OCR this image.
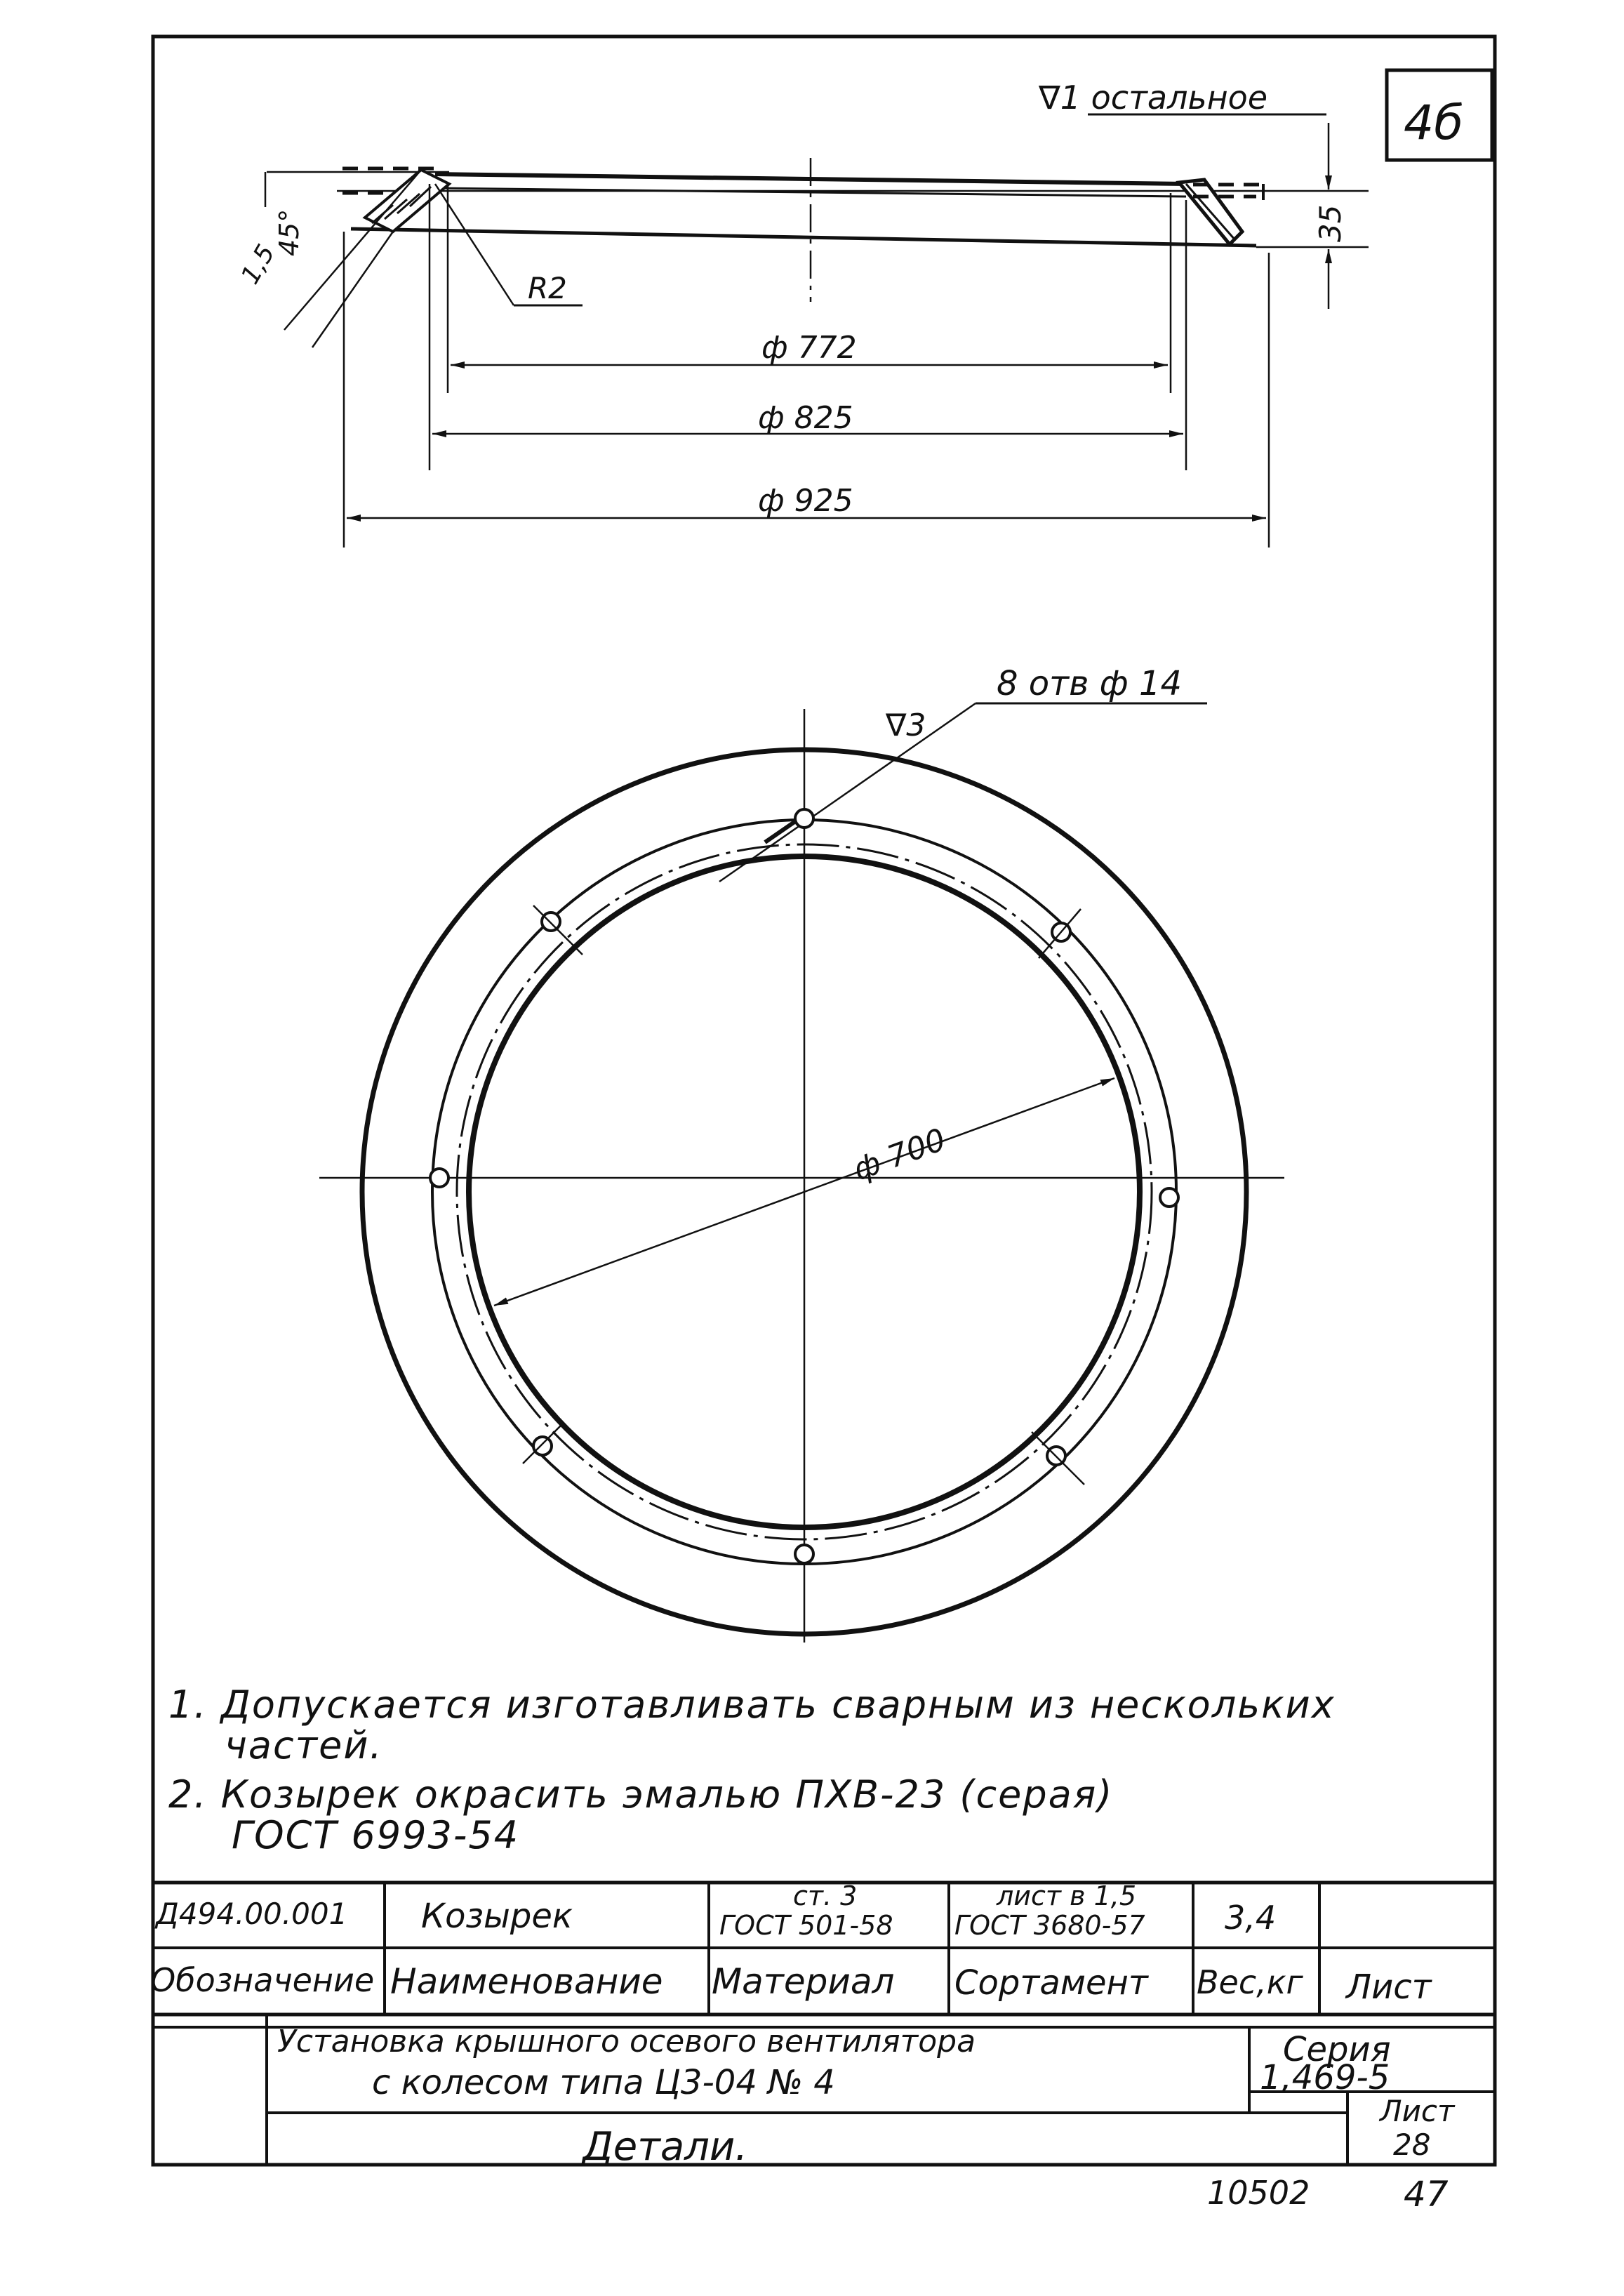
4б
∇1 остальное
45°
1,5
35
R2
ф 772
ф 825
ф 925
∇3
8 отв ф 14
ф 700
1. Допускается изготавливать сварным из нескольких
частей.
2. Козырек окрасить эмалью ПХВ-23 (серая)
ГОСТ 6993-54
Д494.00.001 Козырек
ст. 3
ГОСТ 501-58
лист в 1,5
ГОСТ 3680-57 3,4
Обозначение Наименование Материал Сортамент Вес,кг Лист
Установка крышного осевого вентилятора
с колесом типа Ц3-04 № 4
Серия
1,469-5
Детали.
Лист
28
10502	47
